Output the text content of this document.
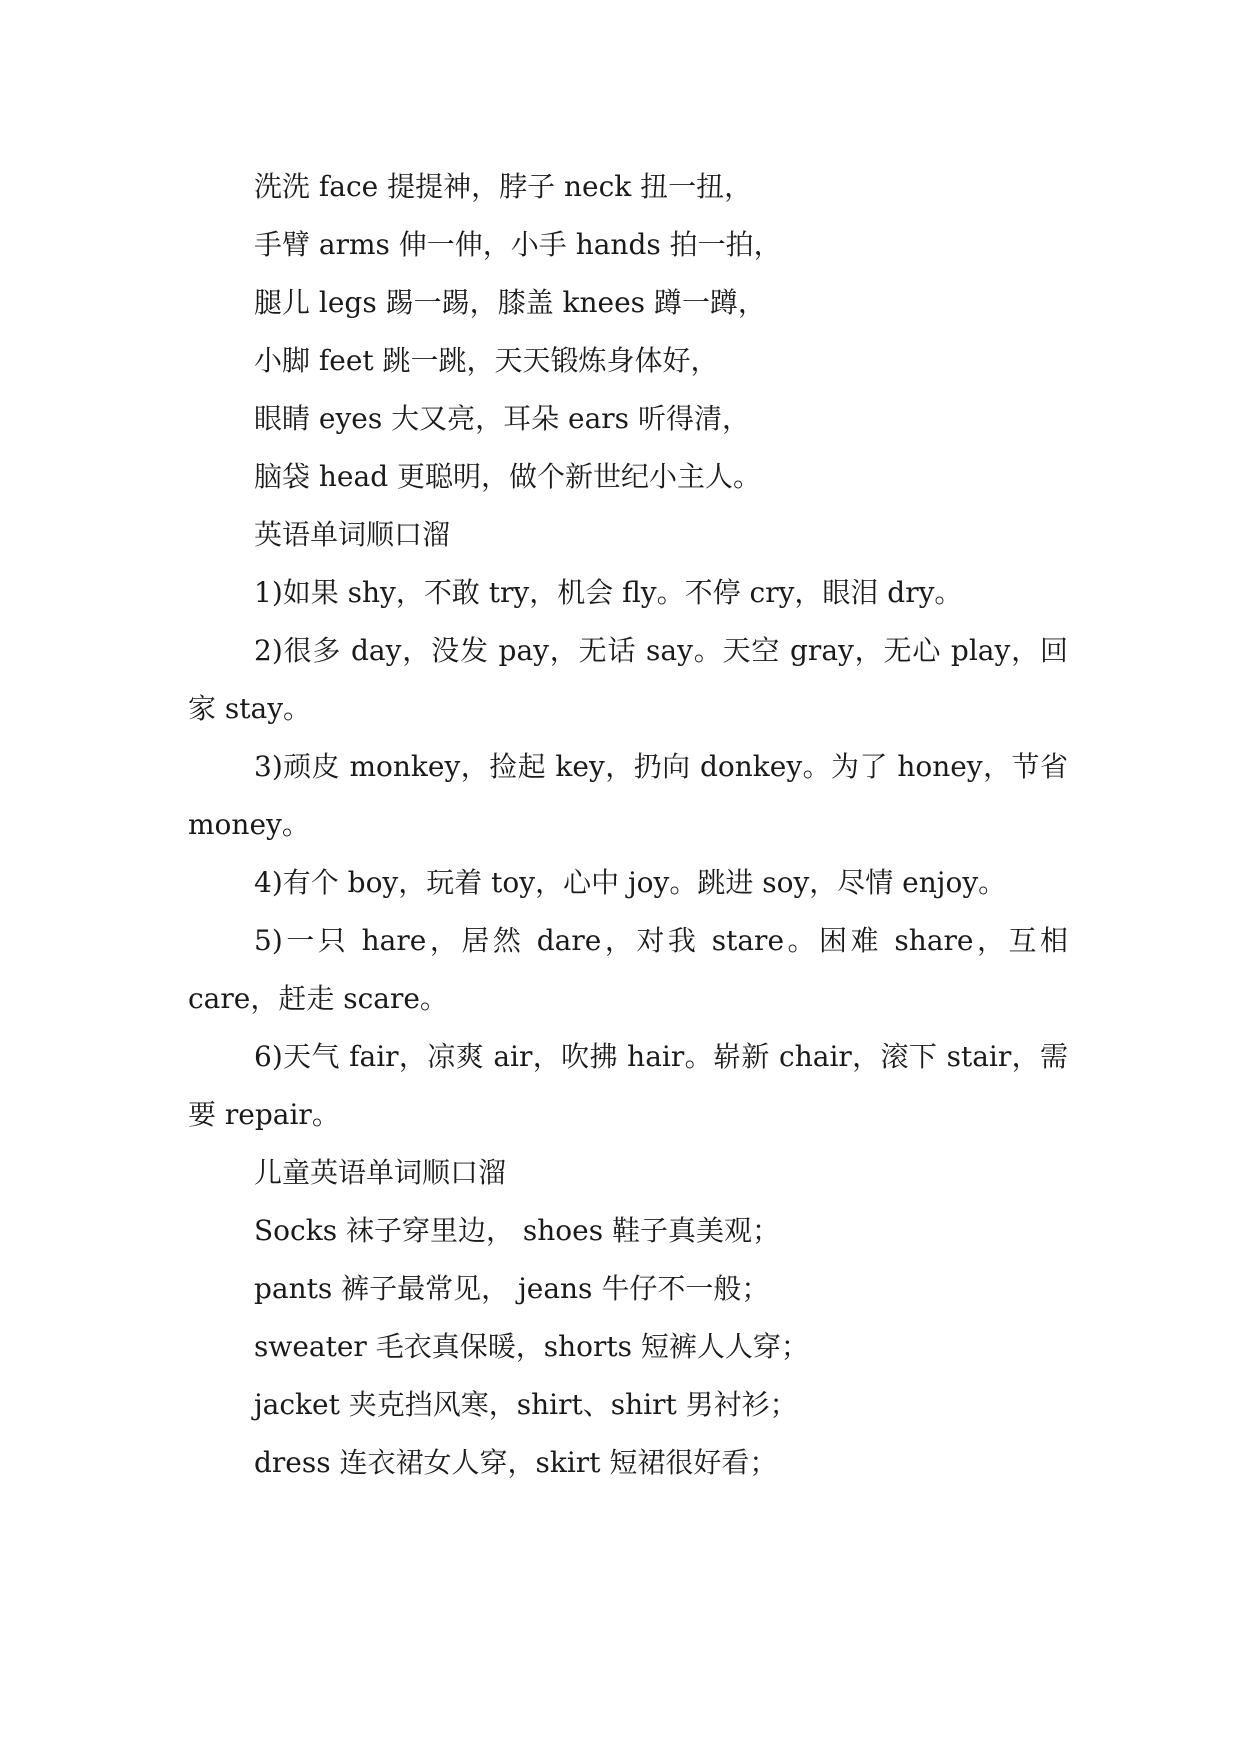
洗洗 face 提提神，脖子 neck 扭一扭，

手臂 arms 伸一伸，小手 hands 拍一拍，

腿儿 legs 踢一踢，膝盖 knees 蹲一蹲，

小脚 feet 跳一跳，天天锻炼身体好，

眼睛 eyes 大又亮，耳朵 ears 听得清，

脑袋 head 更聪明，做个新世纪小主人。

英语单词顺口溜

1)如果 shy，不敢 try，机会 fly。不停 cry，眼泪 dry。

2)很多 day，没发 pay，无话 say。天空 gray，无心 play，回家 stay。

3)顽皮 monkey，捡起 key，扔向 donkey。为了 honey，节省 money。

4)有个 boy，玩着 toy，心中 joy。跳进 soy，尽情 enjoy。

5)一只 hare，居然 dare，对我 stare。困难 share，互相 care，赶走 scare。

6)天气 fair，凉爽 air，吹拂 hair。崭新 chair，滚下 stair，需要 repair。

儿童英语单词顺口溜

Socks 袜子穿里边， shoes 鞋子真美观；

pants 裤子最常见， jeans 牛仔不一般；

sweater 毛衣真保暖，shorts 短裤人人穿；

jacket 夹克挡风寒，shirt、shirt 男衬衫；

dress 连衣裙女人穿，skirt 短裙很好看；
